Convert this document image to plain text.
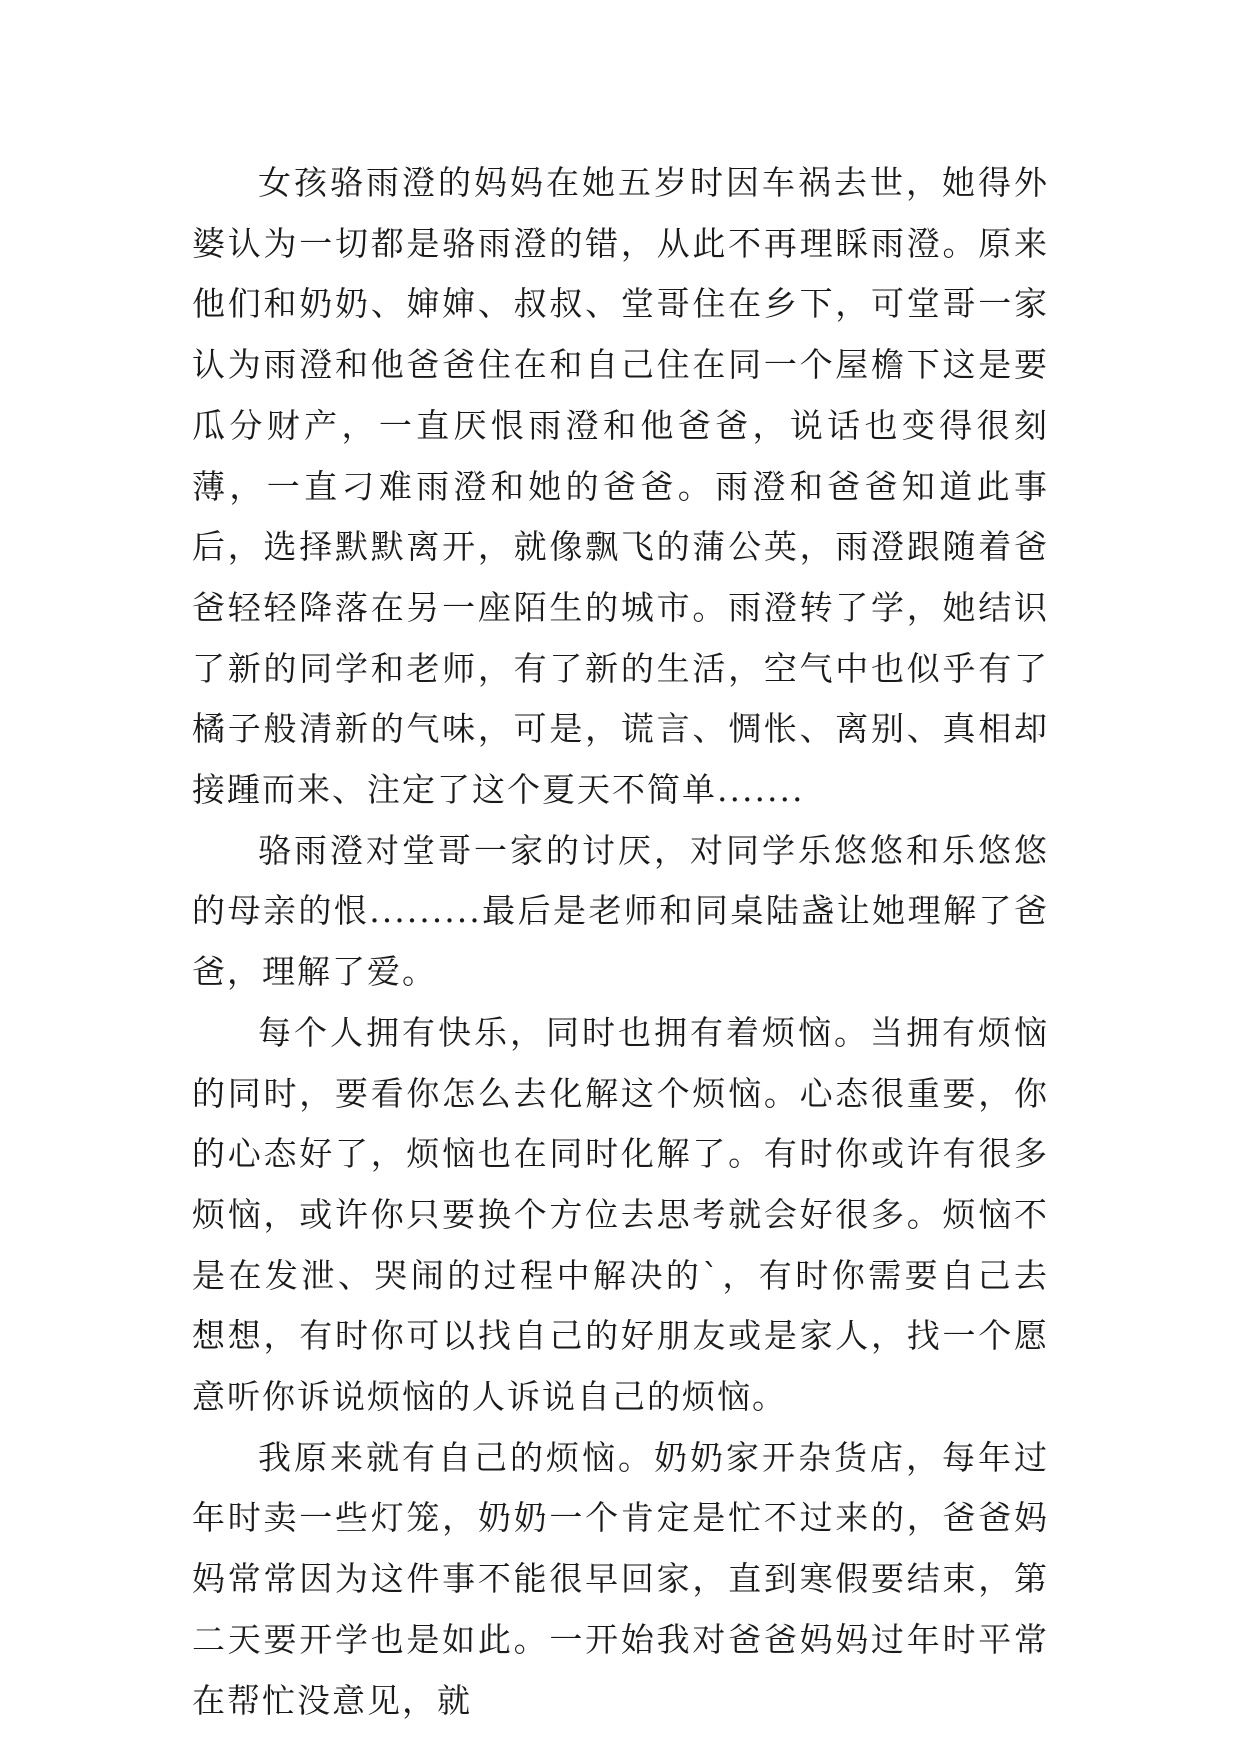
女孩骆雨澄的妈妈在她五岁时因车祸去世，她得外婆认为一切都是骆雨澄的错，从此不再理睬雨澄。原来他们和奶奶、婶婶、叔叔、堂哥住在乡下，可堂哥一家认为雨澄和他爸爸住在和自己住在同一个屋檐下这是要瓜分财产，一直厌恨雨澄和他爸爸，说话也变得很刻薄，一直刁难雨澄和她的爸爸。雨澄和爸爸知道此事后，选择默默离开，就像飘飞的蒲公英，雨澄跟随着爸爸轻轻降落在另一座陌生的城市。雨澄转了学，她结识了新的同学和老师，有了新的生活，空气中也似乎有了橘子般清新的气味，可是，谎言、惆怅、离别、真相却接踵而来、注定了这个夏天不简单.......

骆雨澄对堂哥一家的讨厌，对同学乐悠悠和乐悠悠的母亲的恨.........最后是老师和同桌陆盏让她理解了爸爸，理解了爱。

每个人拥有快乐，同时也拥有着烦恼。当拥有烦恼的同时，要看你怎么去化解这个烦恼。心态很重要，你的心态好了，烦恼也在同时化解了。有时你或许有很多烦恼，或许你只要换个方位去思考就会好很多。烦恼不是在发泄、哭闹的过程中解决的`，有时你需要自己去想想，有时你可以找自己的好朋友或是家人，找一个愿意听你诉说烦恼的人诉说自己的烦恼。

我原来就有自己的烦恼。奶奶家开杂货店，每年过年时卖一些灯笼，奶奶一个肯定是忙不过来的，爸爸妈妈常常因为这件事不能很早回家，直到寒假要结束，第二天要开学也是如此。一开始我对爸爸妈妈过年时平常在帮忙没意见，就
